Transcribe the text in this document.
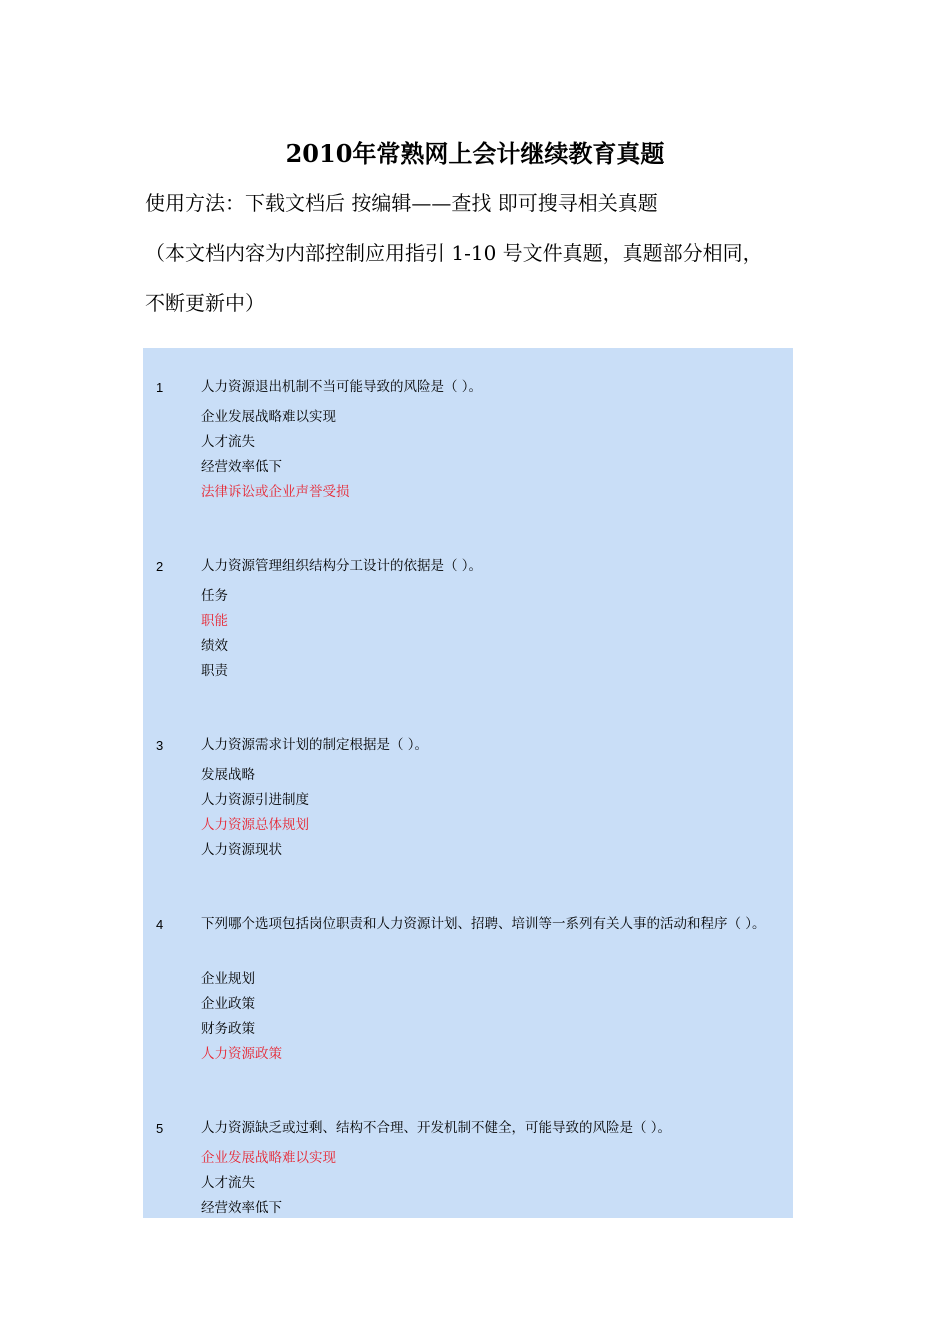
2010年常熟网上会计继续教育真题
使用方法：下载文档后 按编辑——查找 即可搜寻相关真题
（本文档内容为内部控制应用指引 1-10 号文件真题，真题部分相同，
不断更新中）
1	人力资源退出机制不当可能导致的风险是（ ）。
企业发展战略难以实现
人才流失
经营效率低下
法律诉讼或企业声誉受损
2	人力资源管理组织结构分工设计的依据是（ ）。
任务
职能
绩效
职责
3	人力资源需求计划的制定根据是（ ）。
发展战略
人力资源引进制度
人力资源总体规划
人力资源现状
4	下列哪个选项包括岗位职责和人力资源计划、招聘、培训等一系列有关人事的活动和程序（ ）。
企业规划
企业政策
财务政策
人力资源政策
5	人力资源缺乏或过剩、结构不合理、开发机制不健全，可能导致的风险是（ ）。
企业发展战略难以实现
人才流失
经营效率低下
